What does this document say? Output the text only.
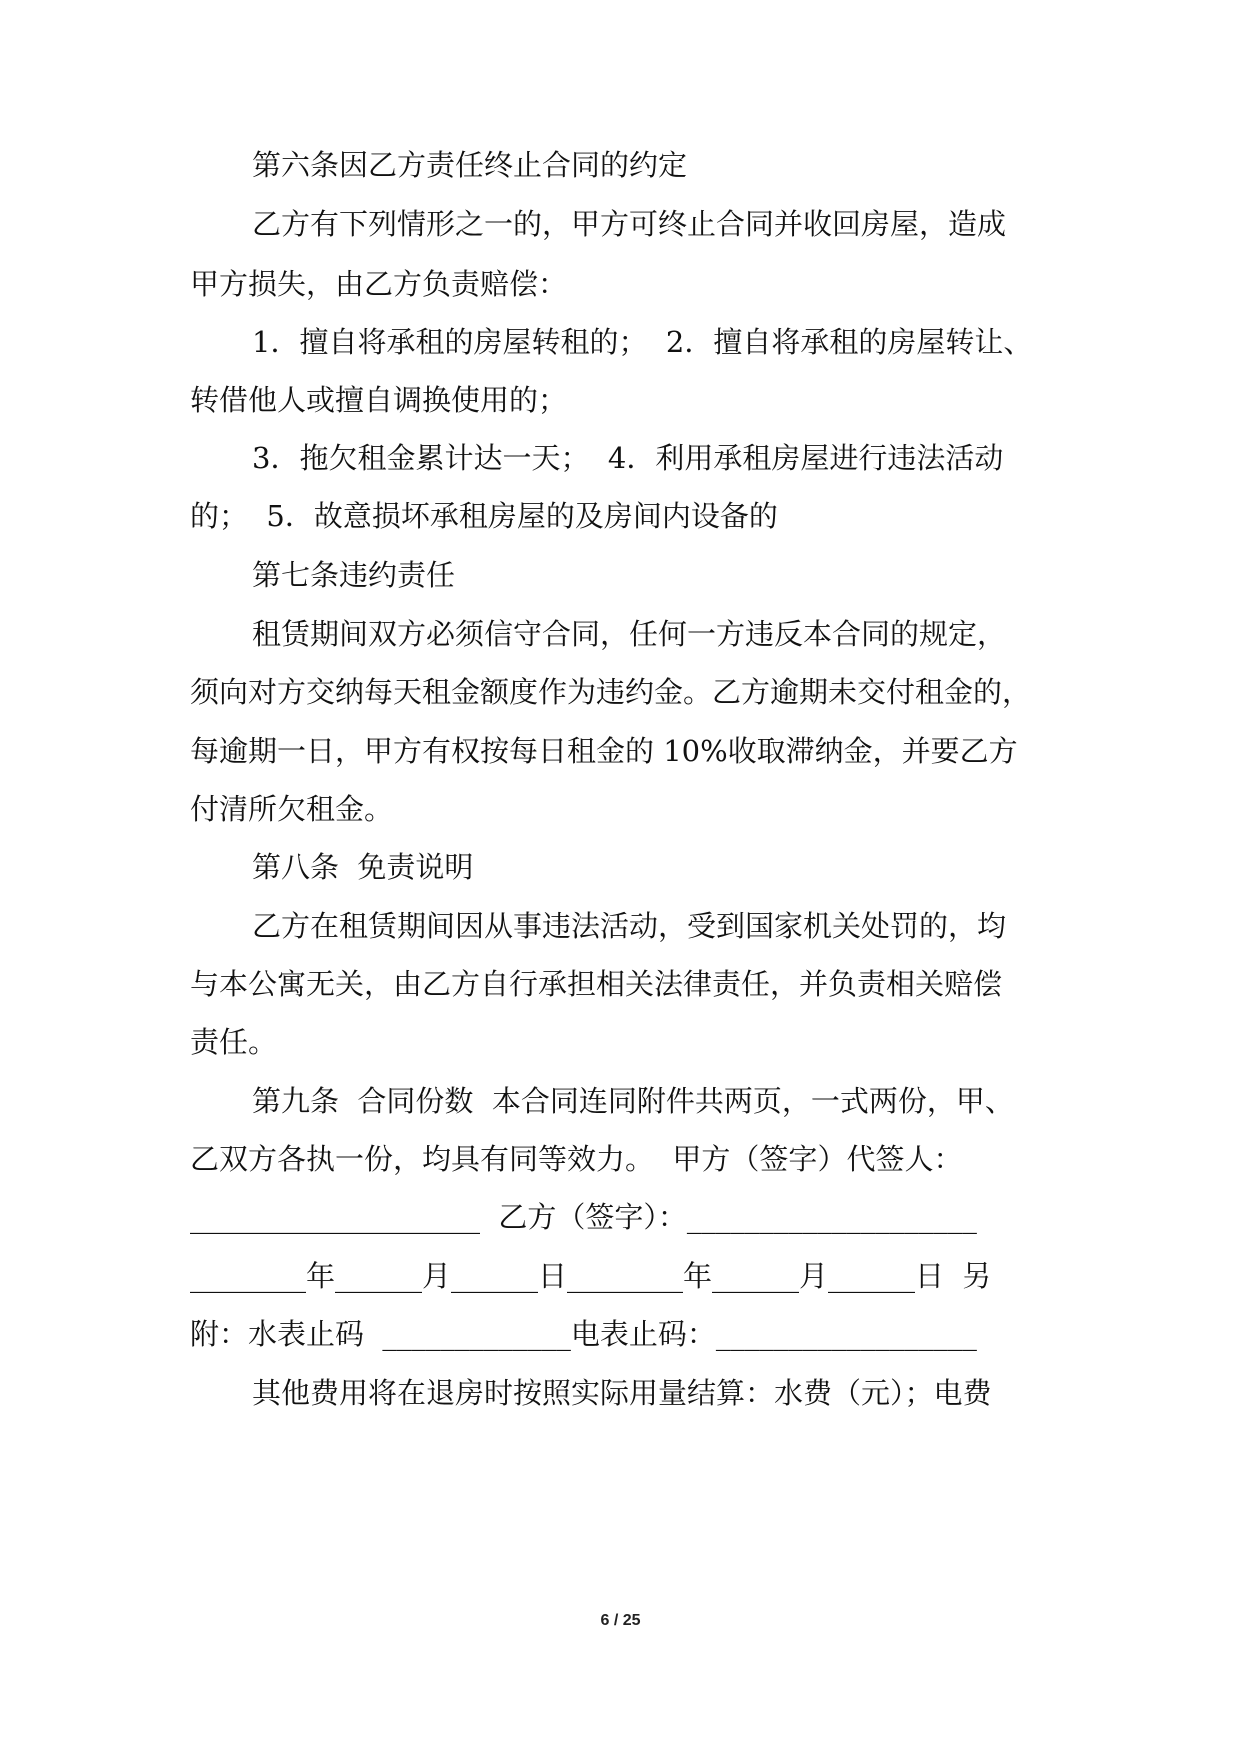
第六条因乙方责任终止合同的约定
乙方有下列情形之一的，甲方可终止合同并收回房屋，造成
甲方损失，由乙方负责赔偿：
1．擅自将承租的房屋转租的；  2．擅自将承租的房屋转让、
转借他人或擅自调换使用的；
3．拖欠租金累计达一天；  4．利用承租房屋进行违法活动
的；  5．故意损坏承租房屋的及房间内设备的
第七条违约责任
租赁期间双方必须信守合同，任何一方违反本合同的规定，
须向对方交纳每天租金额度作为违约金。乙方逾期未交付租金的，
每逾期一日，甲方有权按每日租金的 10%收取滞纳金，并要乙方
付清所欠租金。
第八条  免责说明
乙方在租赁期间因从事违法活动，受到国家机关处罚的，均
与本公寓无关，由乙方自行承担相关法律责任，并负责相关赔偿
责任。
第九条  合同份数  本合同连同附件共两页，一式两份，甲、
乙双方各执一份，均具有同等效力。  甲方（签字）代签人：
____________________  乙方（签字）：____________________
________年______月______日________年______月______日  另
附：水表止码  _____________电表止码：__________________
其他费用将在退房时按照实际用量结算：水费（元）；电费
6 / 25
